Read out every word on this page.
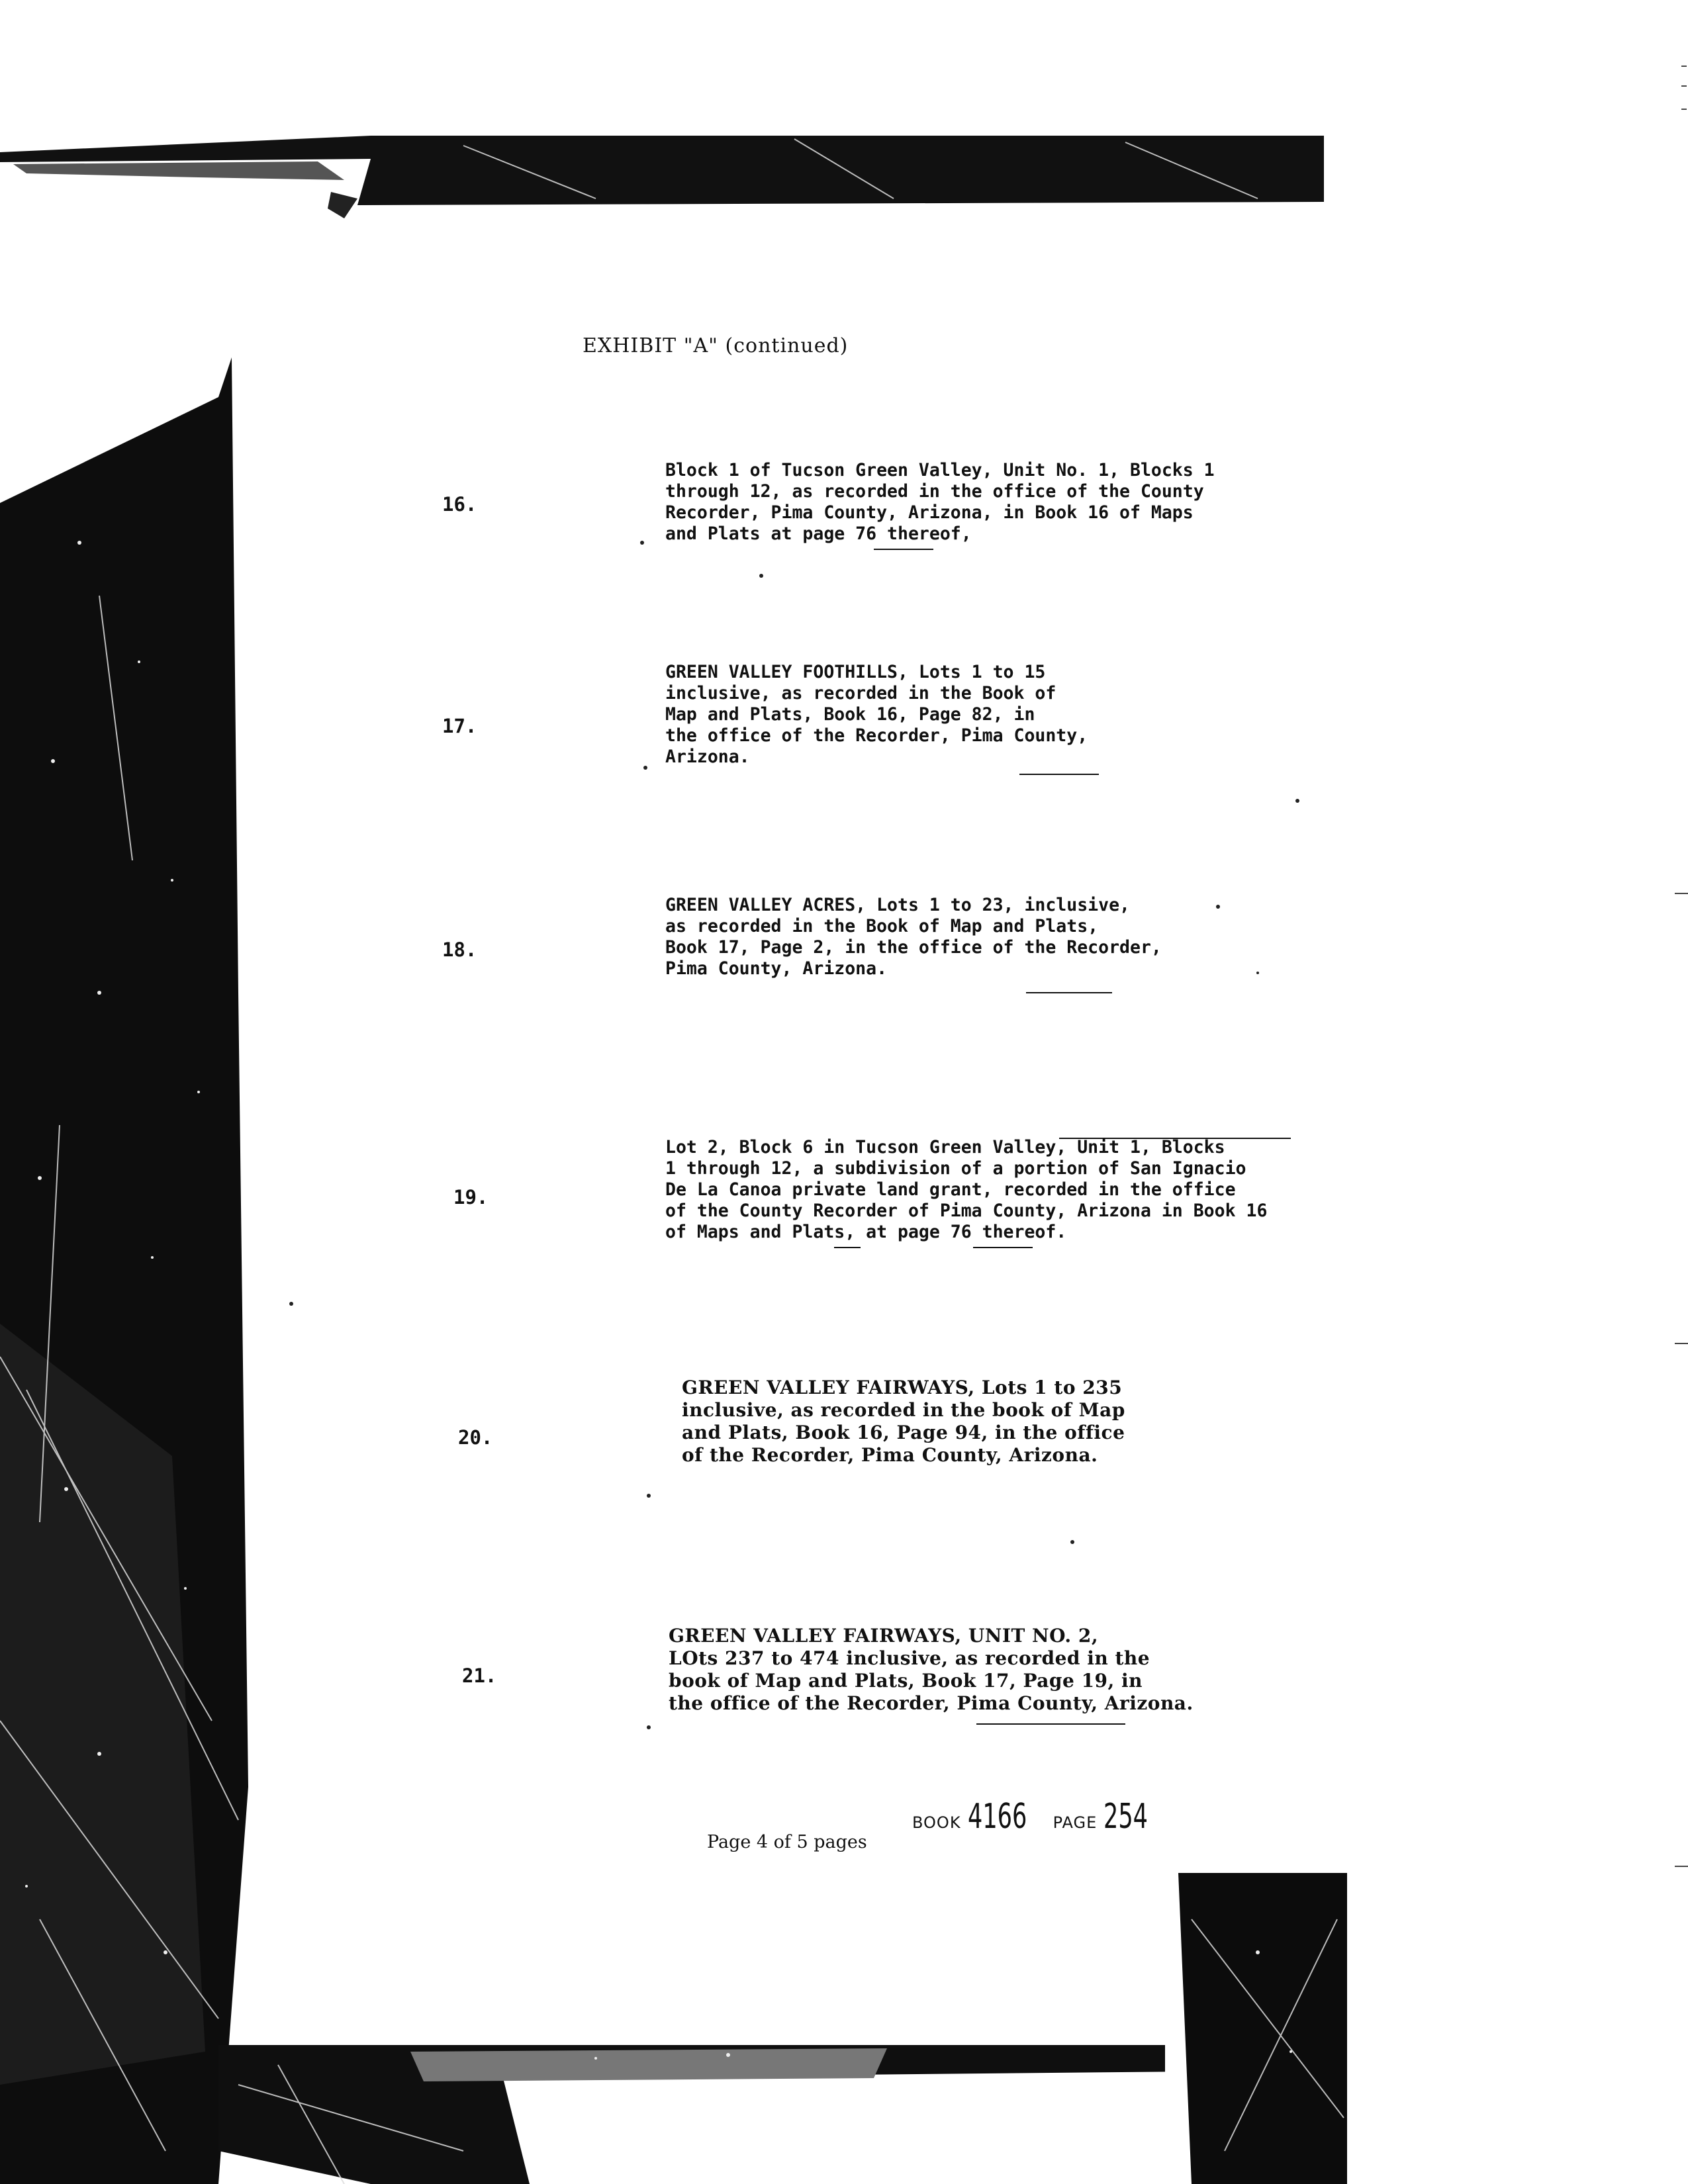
EXHIBIT "A" (continued)
16.
Block 1 of Tucson Green Valley, Unit No. 1, Blocks 1
through 12, as recorded in the office of the County
Recorder, Pima County, Arizona, in Book 16 of Maps
and Plats at page 76 thereof,
17.
GREEN VALLEY FOOTHILLS, Lots 1 to 15
inclusive, as recorded in the Book of
Map and Plats, Book 16, Page 82, in
the office of the Recorder, Pima County,
Arizona.
18.
GREEN VALLEY ACRES, Lots 1 to 23, inclusive,
as recorded in the Book of Map and Plats,
Book 17, Page 2, in the office of the Recorder,
Pima County, Arizona.
19.
Lot 2, Block 6 in Tucson Green Valley, Unit 1, Blocks
1 through 12, a subdivision of a portion of San Ignacio
De La Canoa private land grant, recorded in the office
of the County Recorder of Pima County, Arizona in Book 16
of Maps and Plats, at page 76 thereof.
20.
GREEN VALLEY FAIRWAYS, Lots 1 to 235
inclusive, as recorded in the book of Map
and Plats, Book 16, Page 94, in the office
of the Recorder, Pima County, Arizona.
21.
GREEN VALLEY FAIRWAYS, UNIT NO. 2,
LOts 237 to 474 inclusive, as recorded in the
book of Map and Plats, Book 17, Page 19, in
the office of the Recorder, Pima County, Arizona.
Page 4 of 5 pages
BOOK 4166 PAGE 254
